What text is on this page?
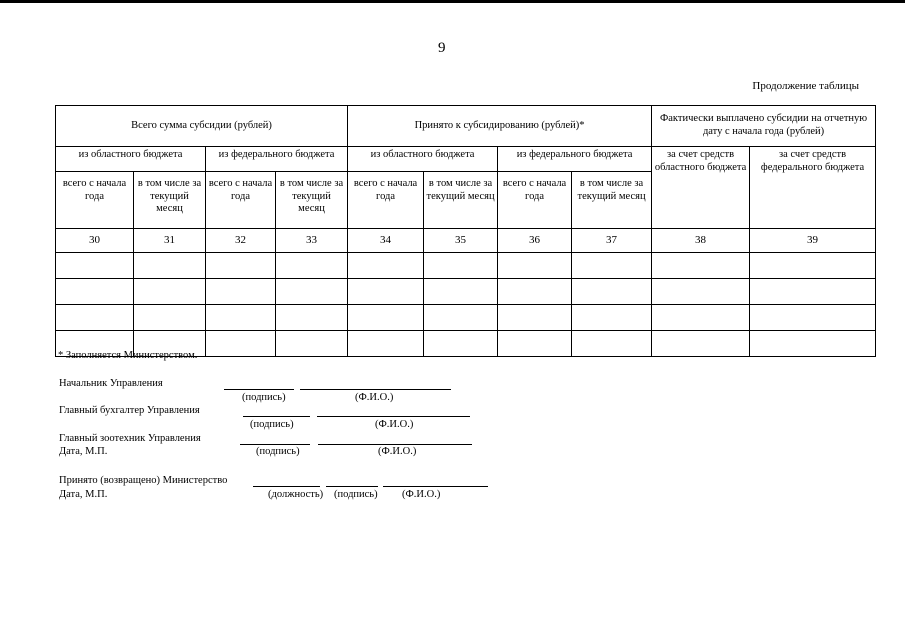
9
Продолжение таблицы
Всего сумма субсидии (рублей)				Принято к субсидированию (рублей)*				Фактически выплачено субсидии на отчетную дату с начала года (рублей)	
из областного бюджета		из федерального бюджета		из областного бюджета		из федерального бюджета		за счет средств областного бюджета	за счет средств федерального бюджета
всего с начала года	в том числе за текущий месяц	всего с начала года	в том числе за текущий месяц	всего с начала года	в том числе за текущий месяц	всего с начала года	в том числе за текущий месяц		
30	31	32	33	34	35	36	37	38	39

* Заполняется Министерством.
Начальник Управления
(подпись)	(Ф.И.О.)
Главный бухгалтер Управления
(подпись)	(Ф.И.О.)
Главный зоотехник Управления
Дата, М.П.	(подпись)	(Ф.И.О.)
Принято (возвращено) Министерство
Дата, М.П.	(должность) (подпись) (Ф.И.О.)
